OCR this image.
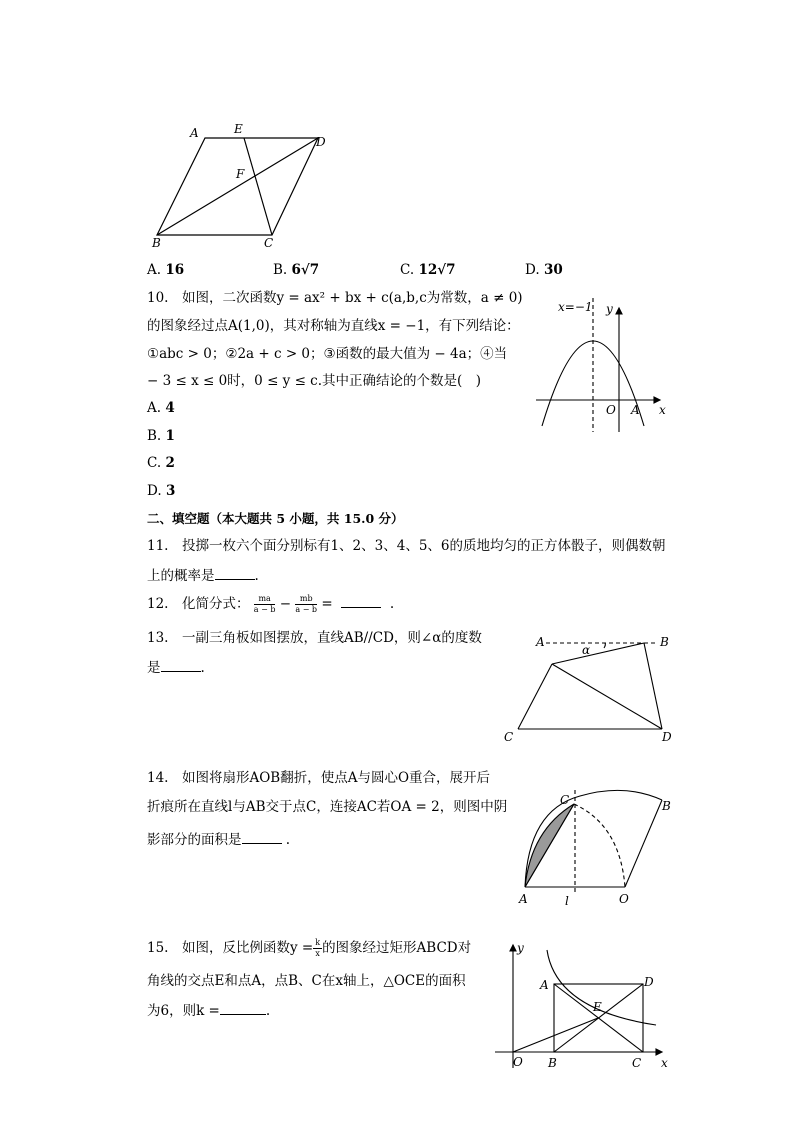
A	E
D
F
B	C
A. 16	B. 6√7	C. 12√7	D. 30
10. 如图，二次函数y = ax² + bx + c(a,b,c为常数，a ≠ 0)
的图象经过点A(1,0)，其对称轴为直线x = −1，有下列结论：
①abc > 0；②2a + c > 0；③函数的最大值为 − 4a；④当
− 3 ≤ x ≤ 0时，0 ≤ y ≤ c.其中正确结论的个数是( )
A. 4
B. 1
C. 2
D. 3
x=−1 y
O A x
二、填空题（本大题共 5 小题，共 15.0 分）
11. 投掷一枚六个面分别标有1、2、3、4、5、6的质地均匀的正方体骰子，则偶数朝
上的概率是	.
12. 化简分式： $\frac{ma}{a - b} - \frac{mb}{a - b}$ =	.
13. 一副三角板如图摆放，直线AB//CD，则∠α的度数
是	.
A	B
α
C	D
14. 如图将扇形AOB翻折，使点A与圆心O重合，展开后
折痕所在直线l与AB交于点C，连接AC若OA = 2，则图中阴
影部分的面积是	.
C	B
A	l	O
15. 如图，反比例函数$y = \frac{k}{x}$ 的图象经过矩形ABCD对
角线的交点E和点A，点B、C在x轴上，△OCE的面积
为6，则k =	.
y
A	D
E
O B	C x
